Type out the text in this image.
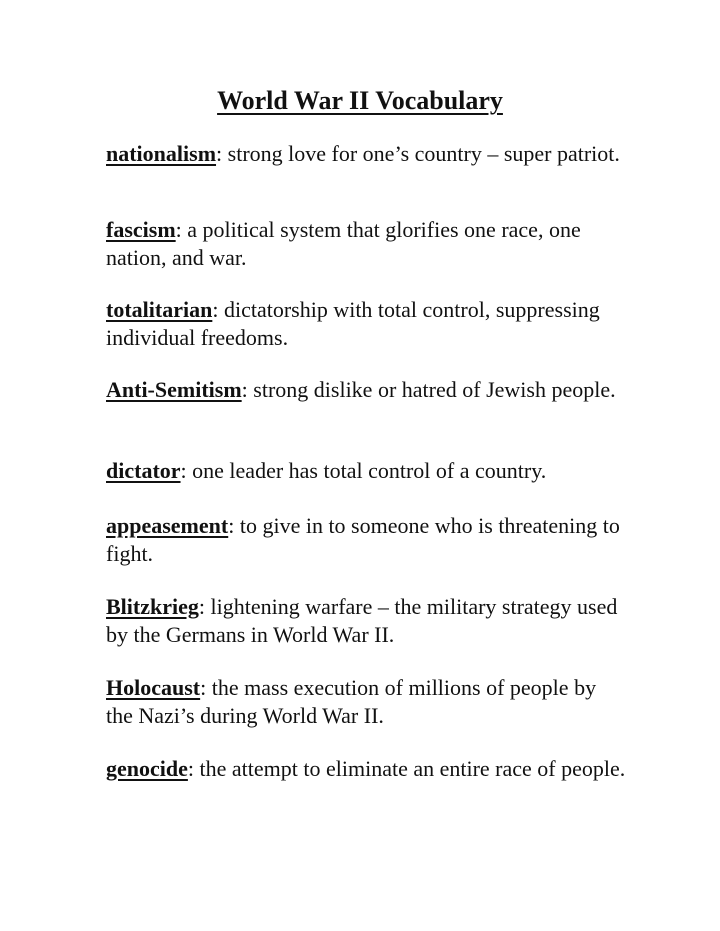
World War II Vocabulary
nationalism: strong love for one’s country – super patriot.
fascism: a political system that glorifies one race, one nation, and war.
totalitarian: dictatorship with total control, suppressing individual freedoms.
Anti-Semitism: strong dislike or hatred of Jewish people.
dictator: one leader has total control of a country.
appeasement: to give in to someone who is threatening to fight.
Blitzkrieg: lightening warfare – the military strategy used by the Germans in World War II.
Holocaust: the mass execution of millions of people by the Nazi’s during World War II.
genocide: the attempt to eliminate an entire race of people.
